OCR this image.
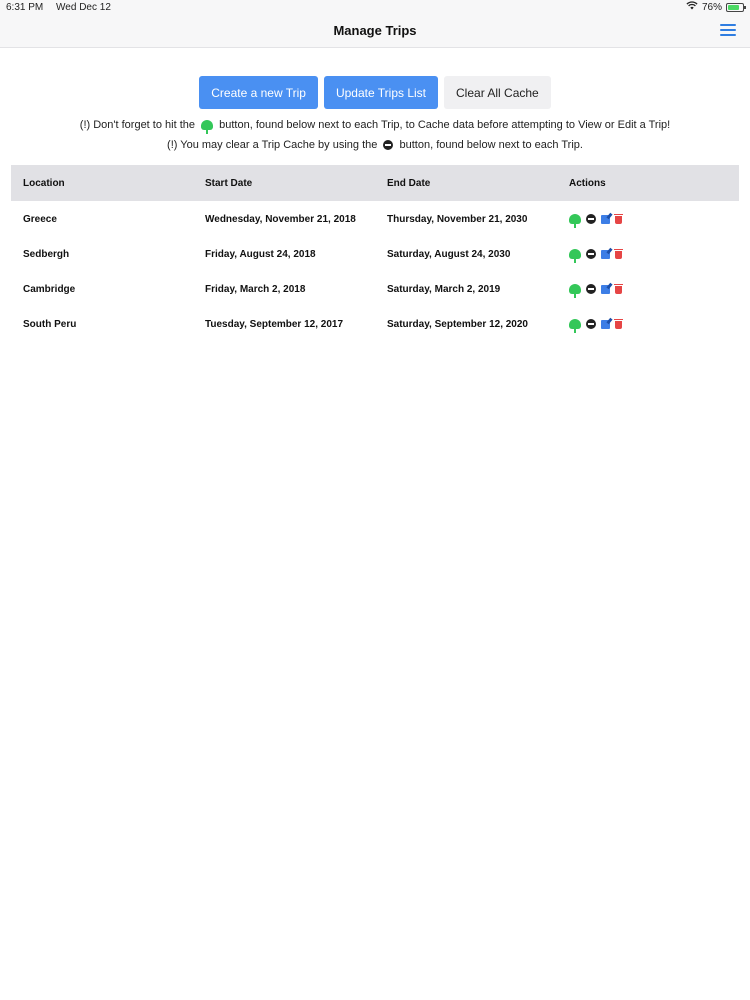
6:31 PM Wed Dec 12	76%
Manage Trips
Create a new Trip	Update Trips List	Clear All Cache
(!) Don't forget to hit the button, found below next to each Trip, to Cache data before attempting to View or Edit a Trip!
(!) You may clear a Trip Cache by using the button, found below next to each Trip.
Location	Start Date	End Date	Actions
Greece	Wednesday, November 21, 2018	Thursday, November 21, 2030	

Sedbergh	Friday, August 24, 2018	Saturday, August 24, 2030	

Cambridge	Friday, March 2, 2018	Saturday, March 2, 2019	

South Peru	Tuesday, September 12, 2017	Saturday, September 12, 2020	
